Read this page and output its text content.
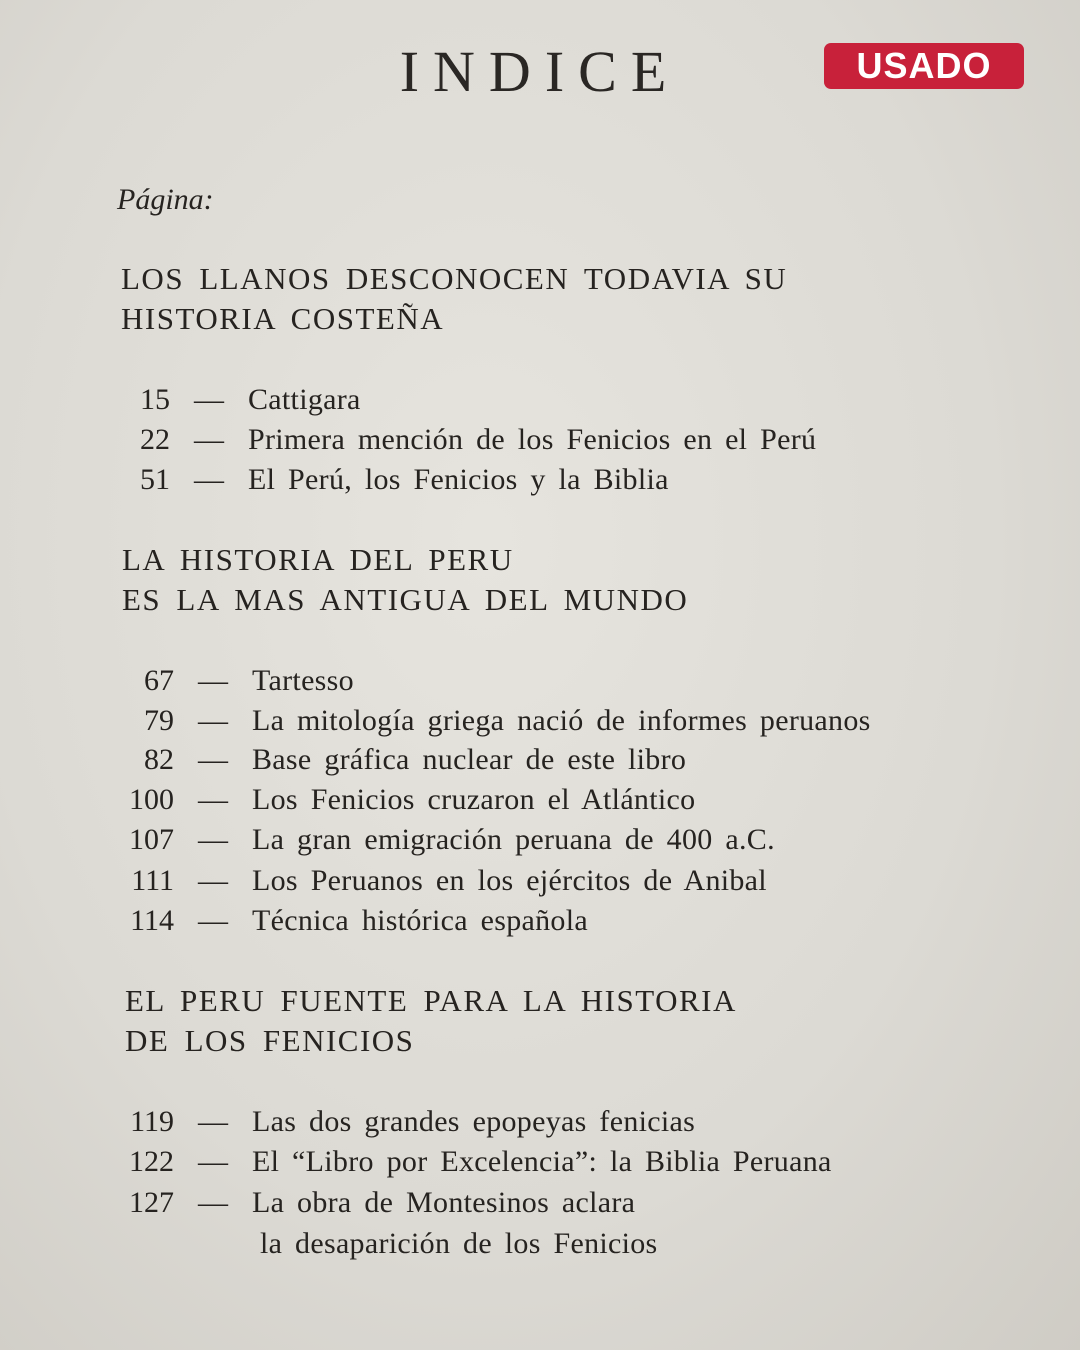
INDICE	USADO
Página:
LOS LLANOS DESCONOCEN TODAVIA SU
HISTORIA COSTEÑA
15 — Cattigara
22 — Primera mención de los Fenicios en el Perú
51 — El Perú, los Fenicios y la Biblia
LA HISTORIA DEL PERU
ES LA MAS ANTIGUA DEL MUNDO
67 — Tartesso
79 — La mitología griega nació de informes peruanos
82 — Base gráfica nuclear de este libro
100 — Los Fenicios cruzaron el Atlántico
107 — La gran emigración peruana de 400 a.C.
111 — Los Peruanos en los ejércitos de Anibal
114 — Técnica histórica española
EL PERU FUENTE PARA LA HISTORIA
DE LOS FENICIOS
119 — Las dos grandes epopeyas fenicias
122 — El “Libro por Excelencia”: la Biblia Peruana
127 — La obra de Montesinos aclara
la desaparición de los Fenicios
